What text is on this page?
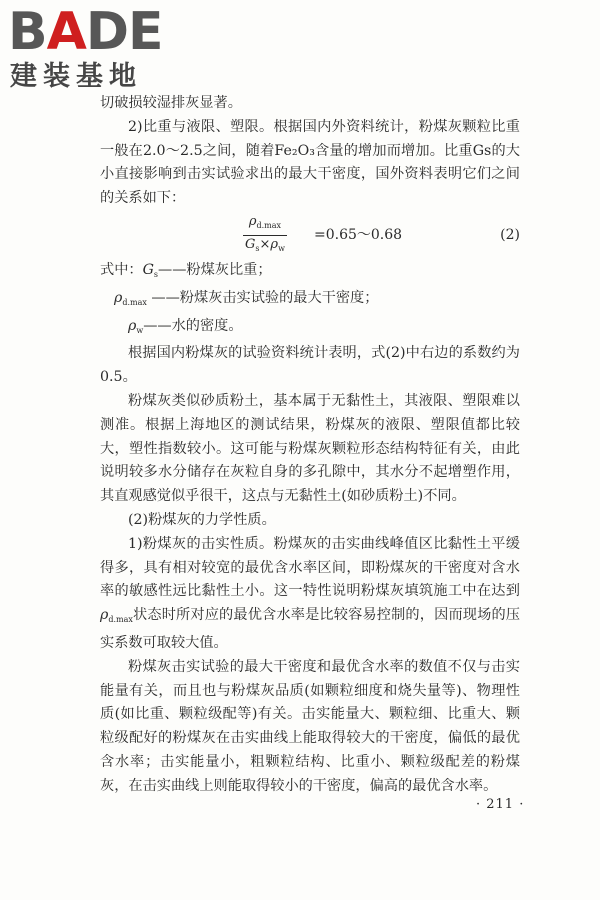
BADE
建装基地

切破损较湿排灰显著。

2)比重与液限、塑限。根据国内外资料统计，粉煤灰颗粒比重一般在2.0～2.5之间，随着Fe₂O₃含量的增加而增加。比重Gs的大小直接影响到击实试验求出的最大干密度，国外资料表明它们之间的关系如下：

$\rho_{d.max}$
$G_s\times\rho_w$
=0.65～0.68	(2)

式中：$G_s——$粉煤灰比重；

$\rho_{d.max}$ ——粉煤灰击实试验的最大干密度；

$\rho_w——$水的密度。

根据国内粉煤灰的试验资料统计表明，式(2)中右边的系数约为0.5。

粉煤灰类似砂质粉土，基本属于无黏性土，其液限、塑限难以测准。根据上海地区的测试结果，粉煤灰的液限、塑限值都比较大，塑性指数较小。这可能与粉煤灰颗粒形态结构特征有关，由此说明较多水分储存在灰粒自身的多孔隙中，其水分不起增塑作用，其直观感觉似乎很干，这点与无黏性土(如砂质粉土)不同。

(2)粉煤灰的力学性质。

1)粉煤灰的击实性质。粉煤灰的击实曲线峰值区比黏性土平缓得多，具有相对较宽的最优含水率区间，即粉煤灰的干密度对含水率的敏感性远比黏性土小。这一特性说明粉煤灰填筑施工中在达到$\rho_{d.max}$状态时所对应的最优含水率是比较容易控制的，因而现场的压实系数可取较大值。

粉煤灰击实试验的最大干密度和最优含水率的数值不仅与击实能量有关，而且也与粉煤灰品质(如颗粒细度和烧失量等)、物理性质(如比重、颗粒级配等)有关。击实能量大、颗粒细、比重大、颗粒级配好的粉煤灰在击实曲线上能取得较大的干密度，偏低的最优含水率；击实能量小，粗颗粒结构、比重小、颗粒级配差的粉煤灰，在击实曲线上则能取得较小的干密度，偏高的最优含水率。

· 211 ·
